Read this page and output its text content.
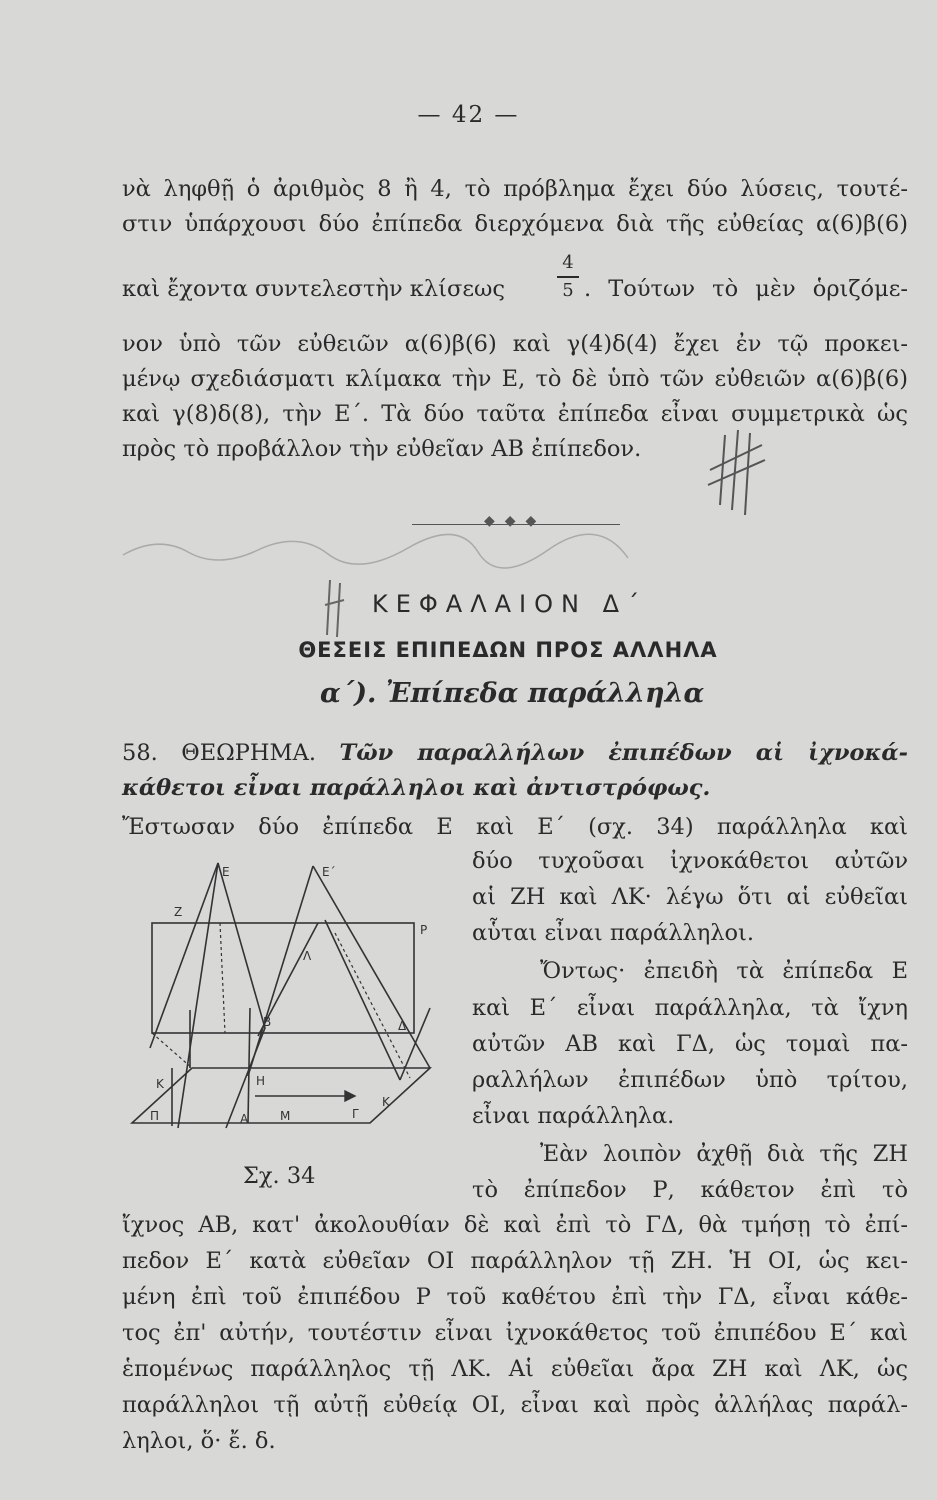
— 42 —
νὰ ληφθῇ ὁ ἀριθμὸς 8 ἢ 4, τὸ πρόβλημα ἔχει δύο λύσεις, τουτέ-
στιν ὑπάρχουσι δύο ἐπίπεδα διερχόμενα διὰ τῆς εὐθείας α(6)β(6)
καὶ ἔχοντα συντελεστὴν κλίσεως
4
5 . Τούτων τὸ μὲν ὁριζόμε-
νον ὑπὸ τῶν εὐθειῶν α(6)β(6) καὶ γ(4)δ(4) ἔχει ἐν τῷ προκει-
μένῳ σχεδιάσματι κλίμακα τὴν Ε, τὸ δὲ ὑπὸ τῶν εὐθειῶν α(6)β(6)
καὶ γ(8)δ(8), τὴν Ε΄. Τὰ δύο ταῦτα ἐπίπεδα εἶναι συμμετρικὰ ὡς
πρὸς τὸ προβάλλον τὴν εὐθεῖαν ΑΒ ἐπίπεδον.
◆◆◆
ΚΕΦΑΛΑΙΟΝ Δ΄
ΘΕΣΕΙΣ ΕΠΙΠΕΔΩΝ ΠΡΟΣ ΑΛΛΗΛΑ
α΄). Ἐπίπεδα παράλληλα
58. ΘΕΩΡΗΜΑ. Τῶν παραλλήλων ἐπιπέδων αἱ ἰχνοκά-
κάθετοι εἶναι παράλληλοι καὶ ἀντιστρόφως.
Ἔστωσαν δύο ἐπίπεδα Ε καὶ Ε΄ (σχ. 34) παράλληλα καὶ
δύο τυχοῦσαι ἰχνοκάθετοι αὐτῶν
αἱ ΖΗ καὶ ΛΚ· λέγω ὅτι αἱ εὐθεῖαι
αὗται εἶναι παράλληλοι.
Ὄντως· ἐπειδὴ τὰ ἐπίπεδα Ε
καὶ Ε΄ εἶναι παράλληλα, τὰ ἴχνη
αὐτῶν ΑΒ καὶ ΓΔ, ὡς τομαὶ πα-
ραλλήλων ἐπιπέδων ὑπὸ τρίτου,
εἶναι παράλληλα.
Ἐὰν λοιπὸν ἀχθῇ διὰ τῆς ΖΗ
τὸ ἐπίπεδον Ρ, κάθετον ἐπὶ τὸ
Ε	Ε΄
Ζ
Ρ
Λ
Β	Δ
Κ	Η
Π	Α	Μ	Γ
Κ
Σχ. 34
ἴχνος ΑΒ, κατ' ἀκολουθίαν δὲ καὶ ἐπὶ τὸ ΓΔ, θὰ τμήσῃ τὸ ἐπί-
πεδον Ε΄ κατὰ εὐθεῖαν ΟΙ παράλληλον τῇ ΖΗ. Ἡ ΟΙ, ὡς κει-
μένη ἐπὶ τοῦ ἐπιπέδου Ρ τοῦ καθέτου ἐπὶ τὴν ΓΔ, εἶναι κάθε-
τος ἐπ' αὐτήν, τουτέστιν εἶναι ἰχνοκάθετος τοῦ ἐπιπέδου Ε΄ καὶ
ἑπομένως παράλληλος τῇ ΛΚ. Αἱ εὐθεῖαι ἄρα ΖΗ καὶ ΛΚ, ὡς
παράλληλοι τῇ αὐτῇ εὐθείᾳ ΟΙ, εἶναι καὶ πρὸς ἀλλήλας παράλ-
ληλοι, ὅ· ἔ. δ.
